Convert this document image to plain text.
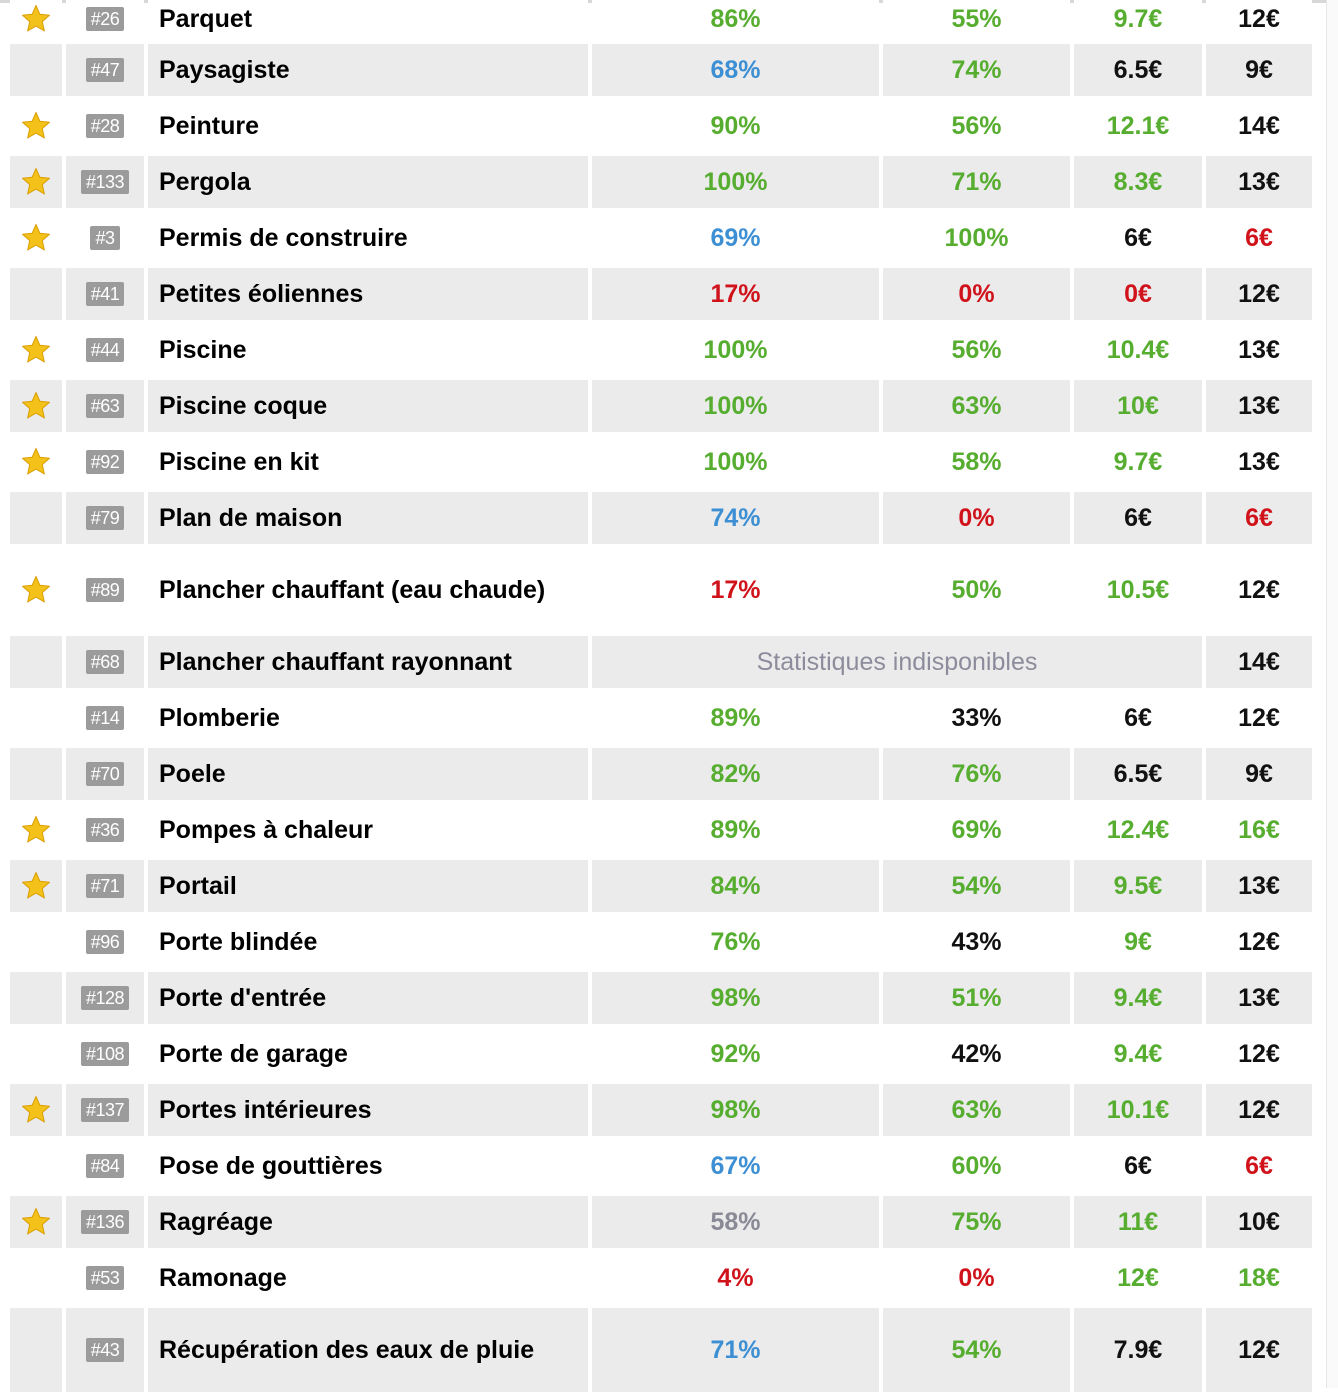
#26	Parquet	86%	55%	9.7€	12€
#47	Paysagiste	68%	74%	6.5€	9€
#28	Peinture	90%	56%	12.1€	14€
#133	Pergola	100%	71%	8.3€	13€
#3	Permis de construire	69%	100%	6€	6€
#41	Petites éoliennes	17%	0%	0€	12€
#44	Piscine	100%	56%	10.4€	13€
#63	Piscine coque	100%	63%	10€	13€
#92	Piscine en kit	100%	58%	9.7€	13€
#79	Plan de maison	74%	0%	6€	6€
#89	Plancher chauffant (eau chaude)	17%	50%	10.5€	12€
#68	Plancher chauffant rayonnant	Statistiques indisponibles	14€
#14	Plomberie	89%	33%	6€	12€
#70	Poele	82%	76%	6.5€	9€
#36	Pompes à chaleur	89%	69%	12.4€	16€
#71	Portail	84%	54%	9.5€	13€
#96	Porte blindée	76%	43%	9€	12€
#128	Porte d'entrée	98%	51%	9.4€	13€
#108	Porte de garage	92%	42%	9.4€	12€
#137	Portes intérieures	98%	63%	10.1€	12€
#84	Pose de gouttières	67%	60%	6€	6€
#136	Ragréage	58%	75%	11€	10€
#53	Ramonage	4%	0%	12€	18€
#43	Récupération des eaux de pluie	71%	54%	7.9€	12€
